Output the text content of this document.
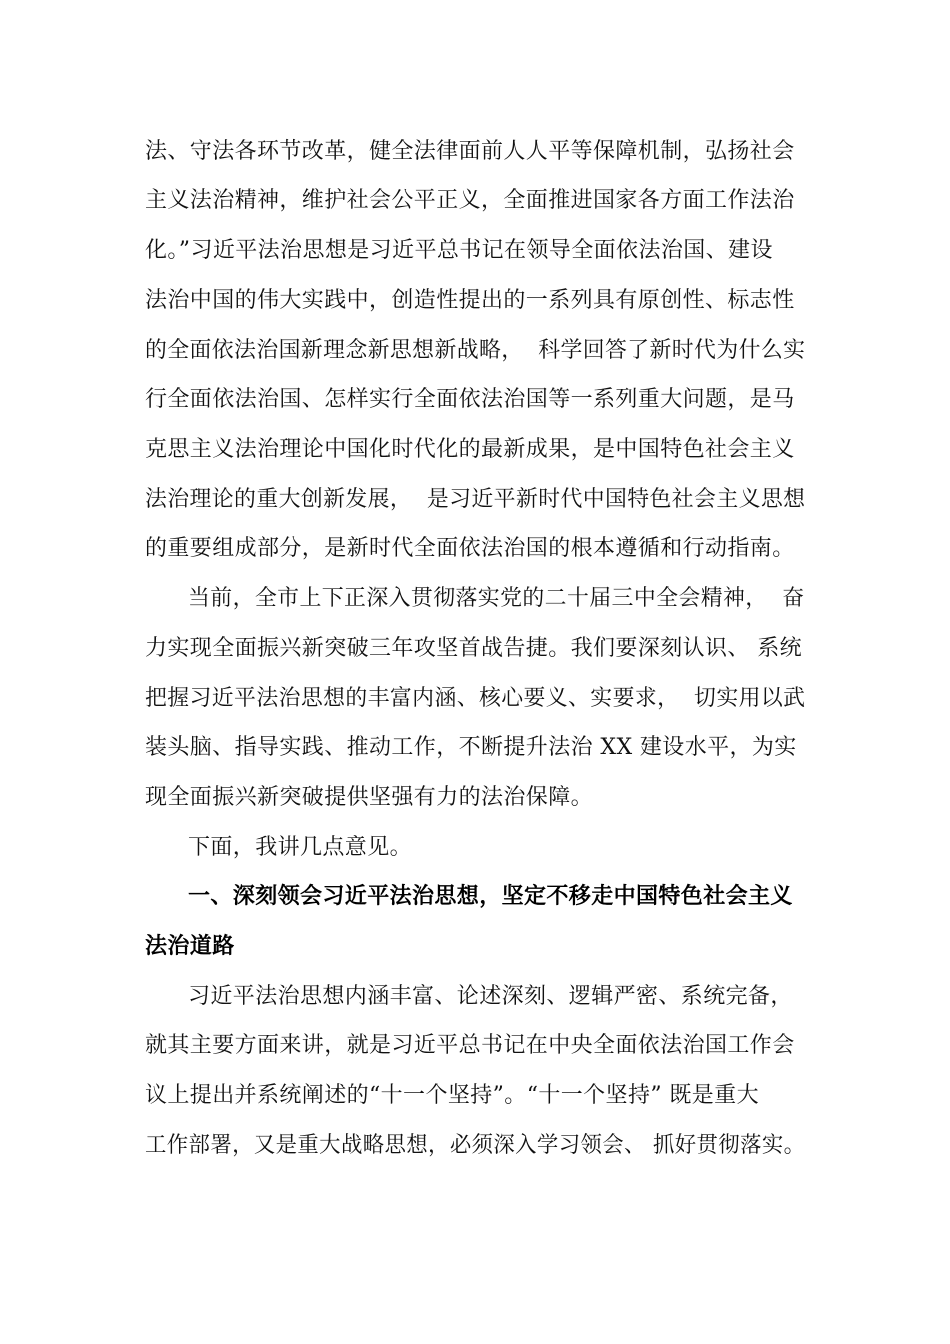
法、守法各环节改革，健全法律面前人人平等保障机制，弘扬社会
主义法治精神，维护社会公平正义，全面推进国家各方面工作法治
化。”习近平法治思想是习近平总书记在领导全面依法治国、建设
法治中国的伟大实践中，创造性提出的一系列具有原创性、标志性
的全面依法治国新理念新思想新战略，  科学回答了新时代为什么实
行全面依法治国、怎样实行全面依法治国等一系列重大问题，是马
克思主义法治理论中国化时代化的最新成果，是中国特色社会主义
法治理论的重大创新发展，  是习近平新时代中国特色社会主义思想
的重要组成部分，是新时代全面依法治国的根本遵循和行动指南。
当前，全市上下正深入贯彻落实党的二十届三中全会精神，  奋
力实现全面振兴新突破三年攻坚首战告捷。我们要深刻认识、 系统
把握习近平法治思想的丰富内涵、核心要义、实要求，  切实用以武
装头脑、指导实践、推动工作，不断提升法治 XX 建设水平，为实
现全面振兴新突破提供坚强有力的法治保障。
下面，我讲几点意见。
一、深刻领会习近平法治思想，坚定不移走中国特色社会主义
法治道路
习近平法治思想内涵丰富、论述深刻、逻辑严密、系统完备，
就其主要方面来讲，就是习近平总书记在中央全面依法治国工作会
议上提出并系统阐述的“十一个坚持”。“十一个坚持” 既是重大
工作部署，又是重大战略思想，必须深入学习领会、 抓好贯彻落实。
